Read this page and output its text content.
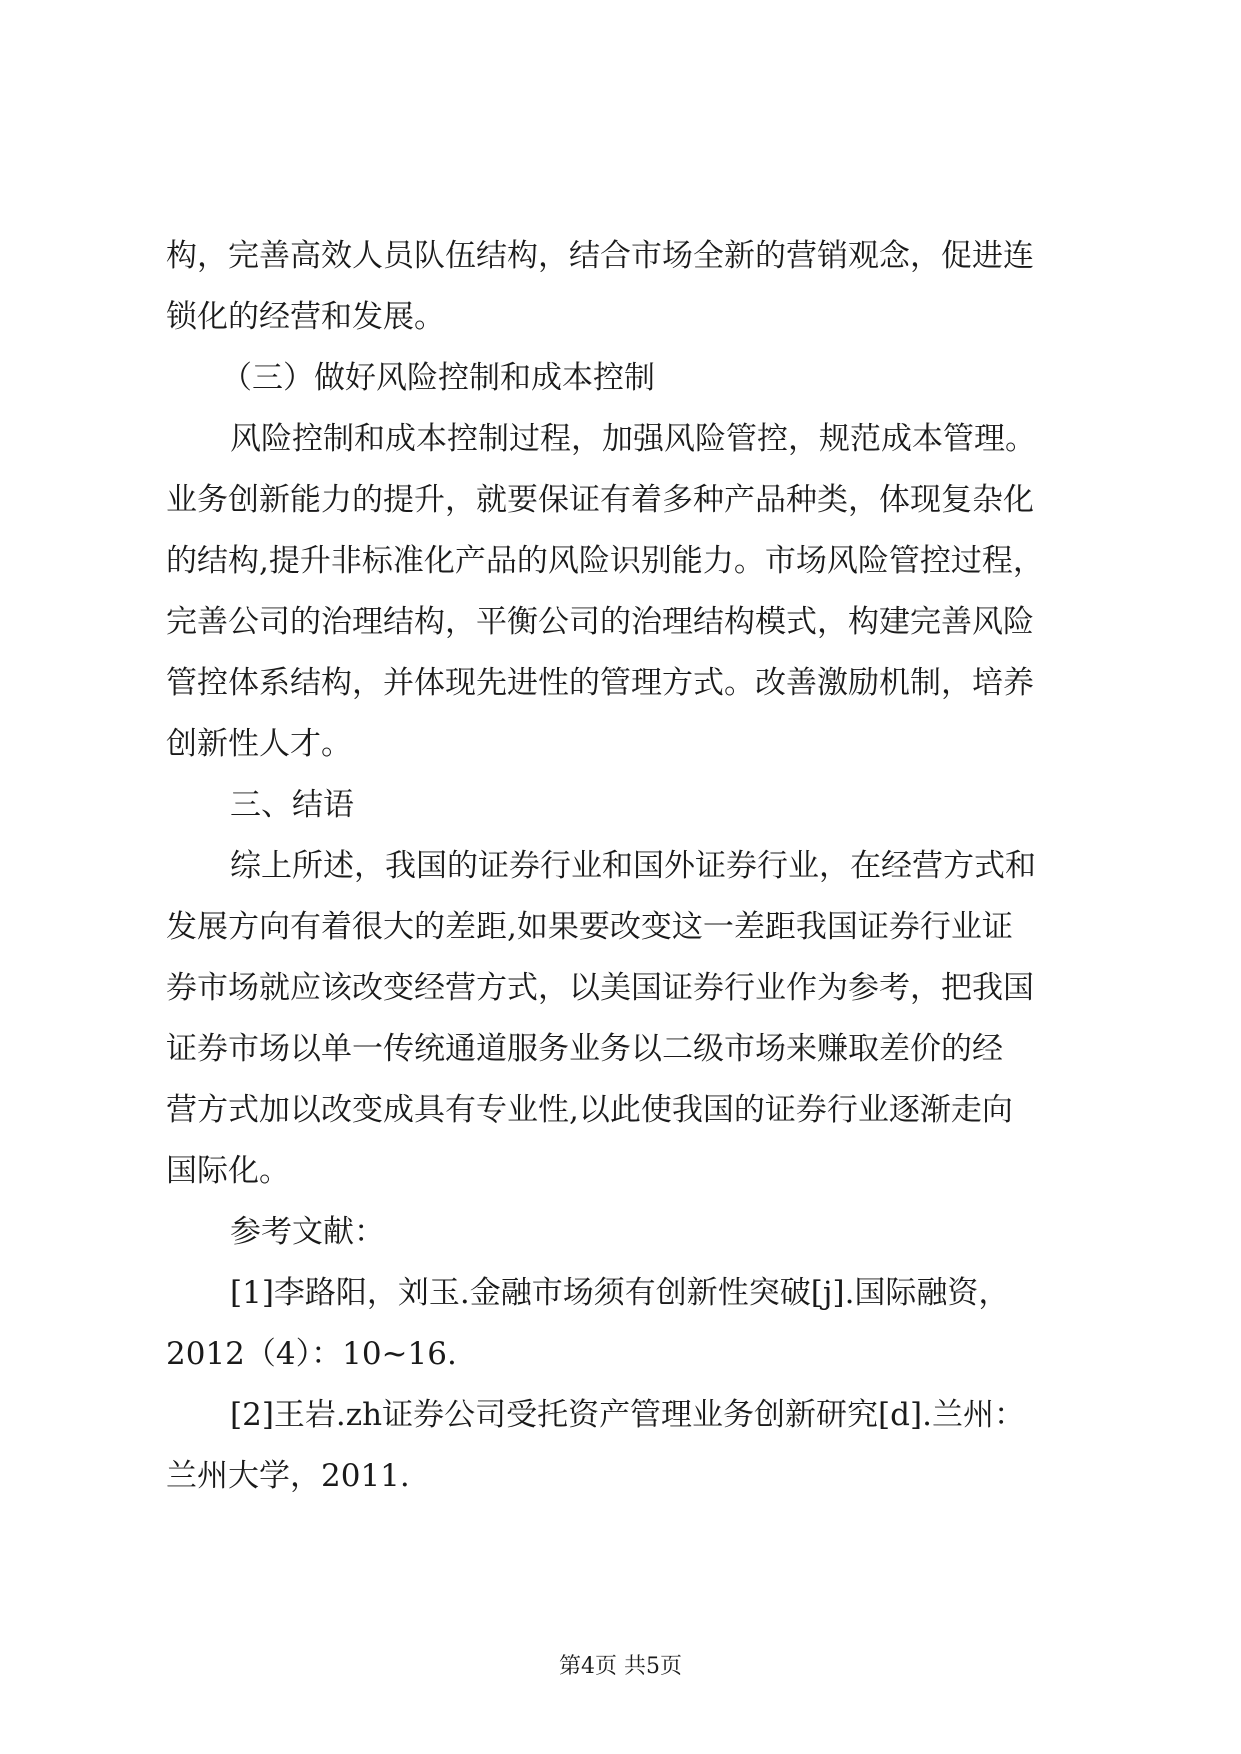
构，完善高效人员队伍结构，结合市场全新的营销观念，促进连
锁化的经营和发展。

（三）做好风险控制和成本控制

风险控制和成本控制过程，加强风险管控，规范成本管理。
业务创新能力的提升，就要保证有着多种产品种类，体现复杂化
的结构,提升非标准化产品的风险识别能力。市场风险管控过程，
完善公司的治理结构，平衡公司的治理结构模式，构建完善风险
管控体系结构，并体现先进性的管理方式。改善激励机制，培养
创新性人才。

三、结语

综上所述，我国的证券行业和国外证券行业，在经营方式和
发展方向有着很大的差距,如果要改变这一差距我国证券行业证
券市场就应该改变经营方式，以美国证券行业作为参考，把我国
证券市场以单一传统通道服务业务以二级市场来赚取差价的经
营方式加以改变成具有专业性,以此使我国的证券行业逐渐走向
国际化。

参考文献：

[1]李路阳，刘玉.金融市场须有创新性突破[j].国际融资，
2012（4）：10~16.

[2]王岩.zh证券公司受托资产管理业务创新研究[d].兰州：
兰州大学，2011.

第4页 共5页
